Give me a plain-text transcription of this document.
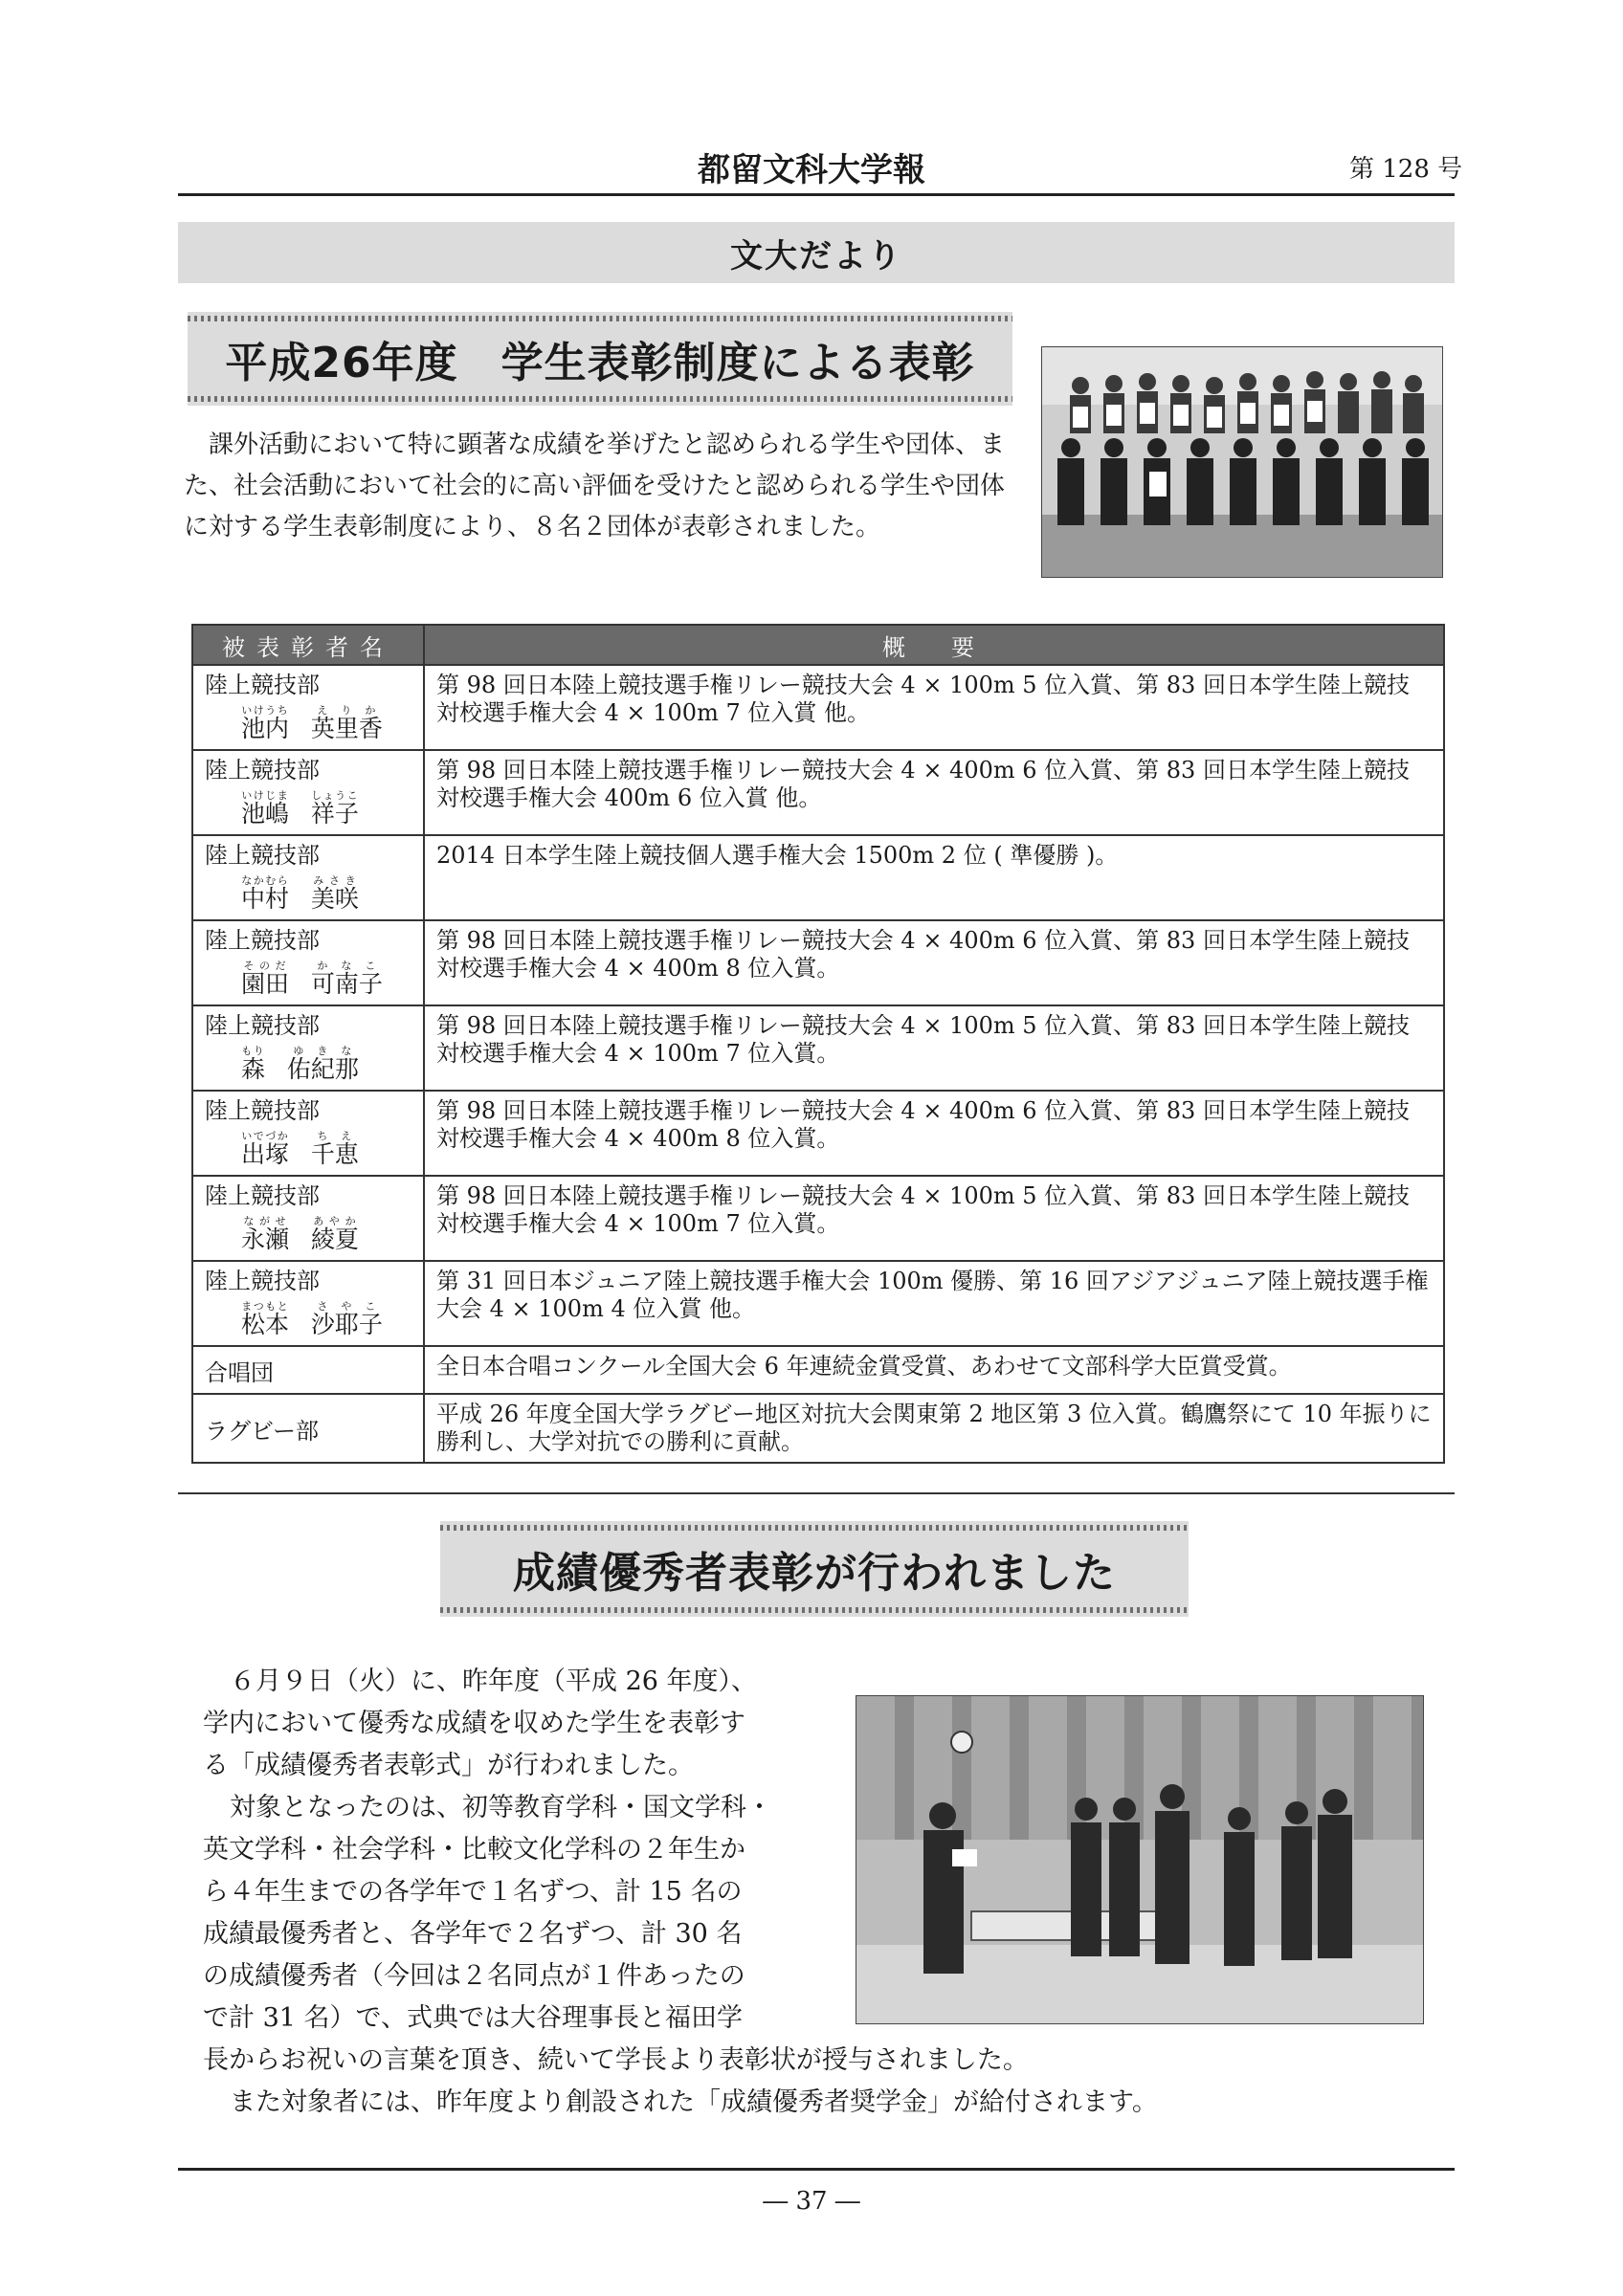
都留文科大学報	第 128 号
文大だより
平成26年度　学生表彰制度による表彰
課外活動において特に顕著な成績を挙げたと認められる学生や団体、また、社会活動において社会的に高い評価を受けたと認められる学生や団体に対する学生表彰制度により、８名２団体が表彰されました。
被表彰者名	概　要

陸上競技部
池内いけうち   英里香えりか	第 98 回日本陸上競技選手権リレー競技大会 4 × 100m 5 位入賞、第 83 回日本学生陸上競技対校選手権大会 4 × 100m 7 位入賞 他。

陸上競技部
池嶋いけじま   祥子しょうこ	第 98 回日本陸上競技選手権リレー競技大会 4 × 400m 6 位入賞、第 83 回日本学生陸上競技対校選手権大会 400m 6 位入賞 他。

陸上競技部
中村なかむら   美咲みさき	2014 日本学生陸上競技個人選手権大会 1500m 2 位 ( 準優勝 )。

陸上競技部
園田そのだ   可南子かなこ	第 98 回日本陸上競技選手権リレー競技大会 4 × 400m 6 位入賞、第 83 回日本学生陸上競技対校選手権大会 4 × 400m 8 位入賞。

陸上競技部
森もり   佑紀那ゆきな	第 98 回日本陸上競技選手権リレー競技大会 4 × 100m 5 位入賞、第 83 回日本学生陸上競技対校選手権大会 4 × 100m 7 位入賞。

陸上競技部
出塚いでづか   千恵ちえ	第 98 回日本陸上競技選手権リレー競技大会 4 × 400m 6 位入賞、第 83 回日本学生陸上競技対校選手権大会 4 × 400m 8 位入賞。

陸上競技部
永瀬ながせ   綾夏あやか	第 98 回日本陸上競技選手権リレー競技大会 4 × 100m 5 位入賞、第 83 回日本学生陸上競技対校選手権大会 4 × 100m 7 位入賞。

陸上競技部
松本まつもと   沙耶子さやこ	第 31 回日本ジュニア陸上競技選手権大会 100m 優勝、第 16 回アジアジュニア陸上競技選手権大会 4 × 100m 4 位入賞 他。
合唱団	全日本合唱コンクール全国大会 6 年連続金賞受賞、あわせて文部科学大臣賞受賞。
ラグビー部	平成 26 年度全国大学ラグビー地区対抗大会関東第 2 地区第 3 位入賞。鶴鷹祭にて 10 年振りに勝利し、大学対抗での勝利に貢献。
成績優秀者表彰が行われました
６月９日（火）に、昨年度（平成 26 年度）、
学内において優秀な成績を収めた学生を表彰す
る「成績優秀者表彰式」が行われました。
対象となったのは、初等教育学科・国文学科・
英文学科・社会学科・比較文化学科の２年生か
ら４年生までの各学年で１名ずつ、計 15 名の
成績最優秀者と、各学年で２名ずつ、計 30 名
の成績優秀者（今回は２名同点が１件あったの
で計 31 名）で、式典では大谷理事長と福田学
長からお祝いの言葉を頂き、続いて学長より表彰状が授与されました。
また対象者には、昨年度より創設された「成績優秀者奨学金」が給付されます。
― 37 ―
